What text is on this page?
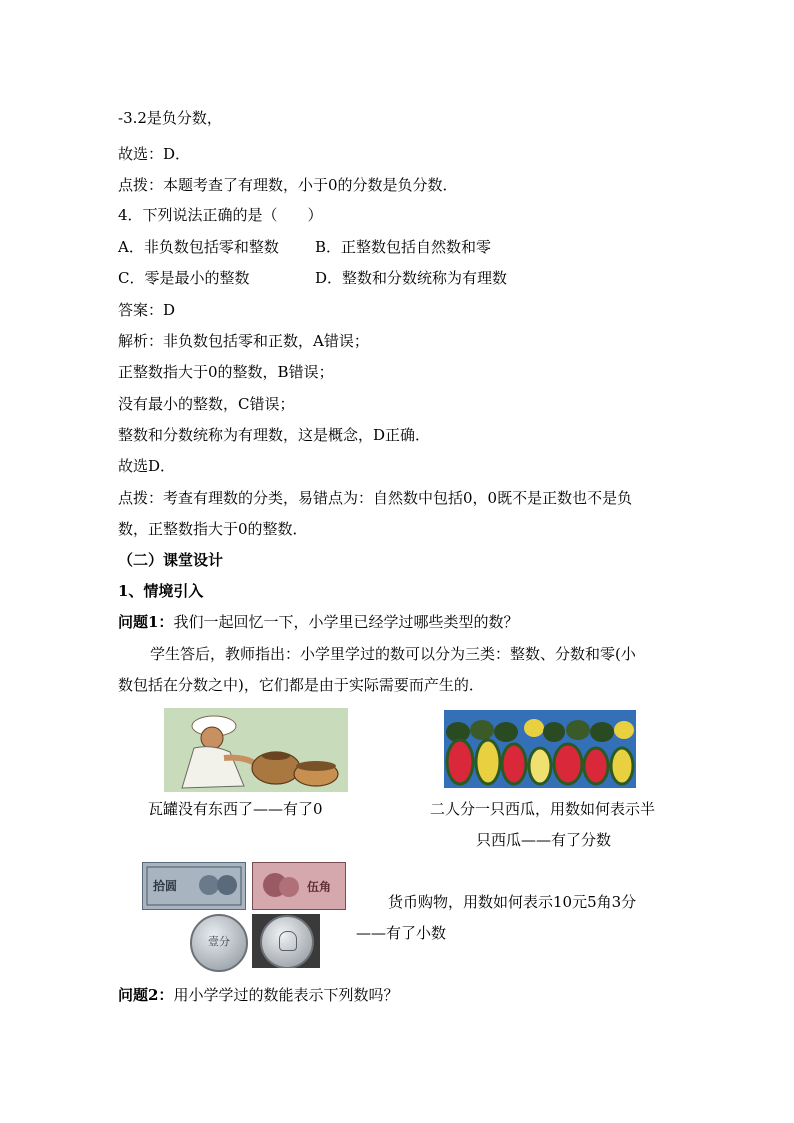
-3.2是负分数，
故选：D．
点拨：本题考查了有理数，小于0的分数是负分数．
4．下列说法正确的是（　　）
A．非负数包括零和整数 B．正整数包括自然数和零
C．零是最小的整数	D．整数和分数统称为有理数
答案：D
解析：非负数包括零和正数，A错误；
正整数指大于0的整数，B错误；
没有最小的整数，C错误；
整数和分数统称为有理数，这是概念，D正确．
故选D．
点拨：考查有理数的分类，易错点为：自然数中包括0，0既不是正数也不是负
数，正整数指大于0的整数．
（二）课堂设计
1、情境引入
问题1：我们一起回忆一下，小学里已经学过哪些类型的数？
学生答后，教师指出：小学里学过的数可以分为三类：整数、分数和零(小
数包括在分数之中)，它们都是由于实际需要而产生的．
瓦罐没有东西了——有了0	二人分一只西瓜，用数如何表示半
只西瓜——有了分数
拾圆	伍角
壹分
货币购物，用数如何表示10元5角3分
——有了小数
问题2：用小学学过的数能表示下列数吗？
